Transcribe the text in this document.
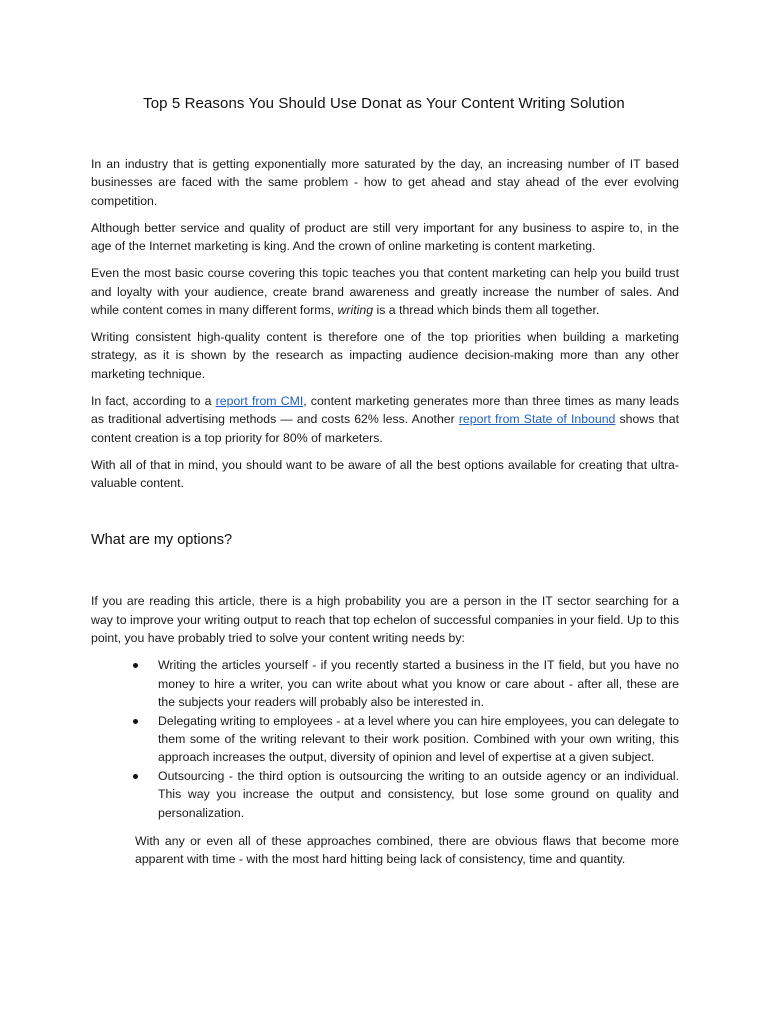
Top 5 Reasons You Should Use Donat as Your Content Writing Solution

In an industry that is getting exponentially more saturated by the day, an increasing number of IT based businesses are faced with the same problem - how to get ahead and stay ahead of the ever evolving competition.

Although better service and quality of product are still very important for any business to aspire to, in the age of the Internet marketing is king. And the crown of online marketing is content marketing.

Even the most basic course covering this topic teaches you that content marketing can help you build trust and loyalty with your audience, create brand awareness and greatly increase the number of sales. And while content comes in many different forms, writing is a thread which binds them all together.

Writing consistent high-quality content is therefore one of the top priorities when building a marketing strategy, as it is shown by the research as impacting audience decision-making more than any other marketing technique.

In fact, according to a report from CMI, content marketing generates more than three times as many leads as traditional advertising methods — and costs 62% less. Another report from State of Inbound shows that content creation is a top priority for 80% of marketers.

With all of that in mind, you should want to be aware of all the best options available for creating that ultra-valuable content.

What are my options?

If you are reading this article, there is a high probability you are a person in the IT sector searching for a way to improve your writing output to reach that top echelon of successful companies in your field. Up to this point, you have probably tried to solve your content writing needs by:

Writing the articles yourself - if you recently started a business in the IT field, but you have no money to hire a writer, you can write about what you know or care about - after all, these are the subjects your readers will probably also be interested in.
Delegating writing to employees - at a level where you can hire employees, you can delegate to them some of the writing relevant to their work position. Combined with your own writing, this approach increases the output, diversity of opinion and level of expertise at a given subject.
Outsourcing - the third option is outsourcing the writing to an outside agency or an individual. This way you increase the output and consistency, but lose some ground on quality and personalization.

With any or even all of these approaches combined, there are obvious flaws that become more apparent with time - with the most hard hitting being lack of consistency, time and quantity.
